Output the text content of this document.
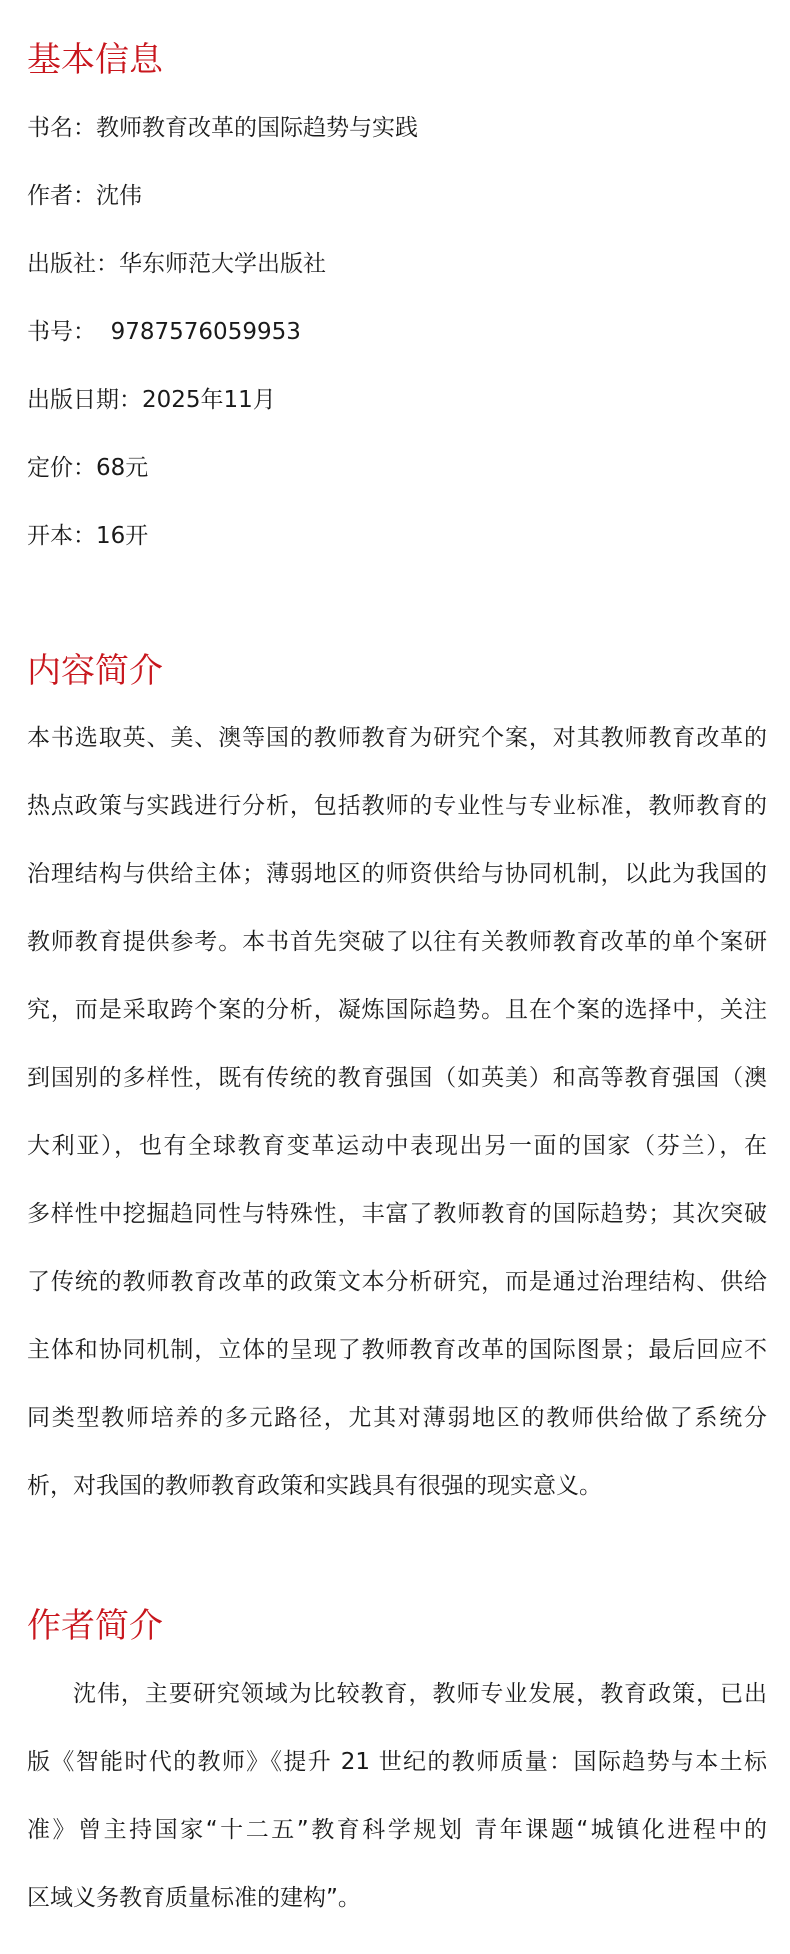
基本信息
书名：教师教育改革的国际趋势与实践
作者：沈伟
出版社：华东师范大学出版社
书号：  9787576059953
出版日期：2025年11月
定价：68元
开本：16开
内容简介
本书选取英、美、澳等国的教师教育为研究个案，对其教师教育改革的
热点政策与实践进行分析，包括教师的专业性与专业标准，教师教育的
治理结构与供给主体；薄弱地区的师资供给与协同机制，以此为我国的
教师教育提供参考。本书首先突破了以往有关教师教育改革的单个案研
究，而是采取跨个案的分析，凝炼国际趋势。且在个案的选择中，关注
到国别的多样性，既有传统的教育强国（如英美）和高等教育强国（澳
大利亚），也有全球教育变革运动中表现出另一面的国家（芬兰），在
多样性中挖掘趋同性与特殊性，丰富了教师教育的国际趋势；其次突破
了传统的教师教育改革的政策文本分析研究，而是通过治理结构、供给
主体和协同机制，立体的呈现了教师教育改革的国际图景；最后回应不
同类型教师培养的多元路径，尤其对薄弱地区的教师供给做了系统分
析，对我国的教师教育政策和实践具有很强的现实意义。
作者简介
沈伟，主要研究领域为比较教育，教师专业发展，教育政策，已出
版《智能时代的教师》《提升 21 世纪的教师质量：国际趋势与本土标
准》曾主持国家“十二五”教育科学规划 青年课题“城镇化进程中的
区域义务教育质量标准的建构”。
